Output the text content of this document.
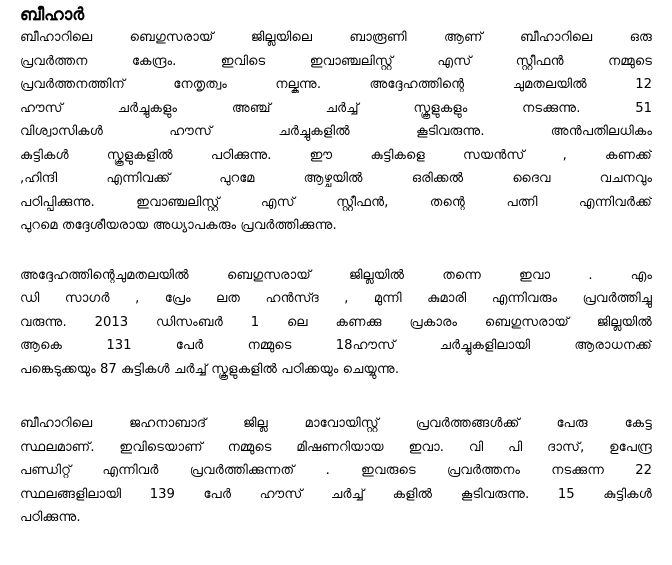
ബീഹാർ
ബീഹാറിലെ ബെഗുസരായ് ജില്ലയിലെ ബാരൂണി ആണ് ബീഹാറിലെ ഒരു
പ്രവർത്തന കേന്ദ്രം. ഇവിടെ ഇവാഞ്ചലിസ്റ്റ് എസ് സ്റ്റീഫൻ നമ്മുടെ
പ്രവർത്തനത്തിന് നേതൃത്വം നല്കുന്നു. അദ്ദേഹത്തിന്റെ ചുമതലയിൽ 12
ഹൗസ് ചർച്ചുകളും അഞ്ച് ചർച്ച് സ്കൂളുകളും നടക്കുന്നു. 51
വിശ്വാസികൾ ഹൗസ് ചർച്ചുകളിൽ കൂടിവരുന്നു. അൻപതിലധികം
കുട്ടികൾ സ്കൂളുകളിൽ പഠിക്കുന്നു. ഈ കുട്ടികളെ സയൻസ് , കണക്ക്
,ഹിന്ദി എന്നിവക്ക് പുറമേ ആഴ്ചയിൽ ഒരിക്കൽ ദൈവ വചനവും
പഠിപ്പിക്കുന്നു. ഇവാഞ്ചലിസ്റ്റ് എസ് സ്റ്റീഫൻ, തന്റെ പത്നി എന്നിവർക്ക്
പുറമെ തദ്ദേശീയരായ അധ്യാപകരും പ്രവർത്തിക്കുന്നു.
അദ്ദേഹത്തിന്റെചുമതലയിൽ ബെഗുസരായ് ജില്ലയിൽ തന്നെ ഇവാ . എം
ഡി സാഗർ , പ്രേം ലത ഹൻസ്ദ , മുന്നി കുമാരി എന്നിവരും പ്രവർത്തിച്ചു
വരുന്നു. 2013 ഡിസംബർ 1 ലെ കണക്കു പ്രകാരം ബെഗുസരായ് ജില്ലയിൽ
ആകെ 131 പേർ നമ്മുടെ 18ഹൗസ് ചർച്ചുകളിലായി ആരാധനക്ക്
പങ്കെടുക്കയും 87 കുട്ടികൾ ചർച്ച് സ്കൂളുകളിൽ പഠിക്കയും ചെയ്യുന്നു.
ബീഹാറിലെ ജഹനാബാദ് ജില്ല മാവോയിസ്റ്റ് പ്രവർത്തങ്ങൾക്ക് പേരു കേട്ട
സ്ഥലമാണ്. ഇവിടെയാണ് നമ്മുടെ മിഷണറിയായ ഇവാ. വി പി ദാസ്, ഉപേന്ദ്ര
പണ്ഡിറ്റ് എന്നിവർ പ്രവർത്തിക്കുന്നത് . ഇവരുടെ പ്രവർത്തനം നടക്കുന്ന 22
സ്ഥലങ്ങളിലായി 139 പേർ ഹൗസ് ചർച്ച് കളിൽ കൂടിവരുന്നു. 15 കുട്ടികൾ
പഠിക്കുന്നു.
